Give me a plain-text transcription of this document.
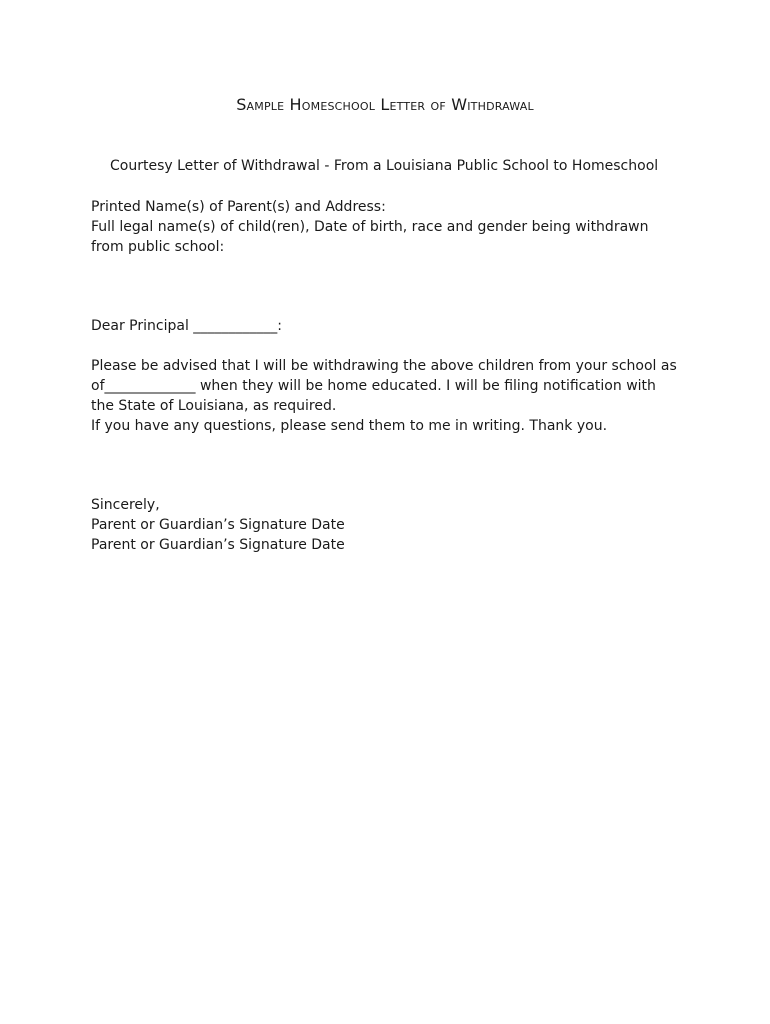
Sample Homeschool Letter of Withdrawal
Courtesy Letter of Withdrawal - From a Louisiana Public School to Homeschool
Printed Name(s) of Parent(s) and Address:
Full legal name(s) of child(ren), Date of birth, race and gender being withdrawn
from public school:
Dear Principal ____________:
Please be advised that I will be withdrawing the above children from your school as
of_____________ when they will be home educated. I will be filing notification with
the State of Louisiana, as required.
If you have any questions, please send them to me in writing. Thank you.
Sincerely,
Parent or Guardian’s Signature Date
Parent or Guardian’s Signature Date
